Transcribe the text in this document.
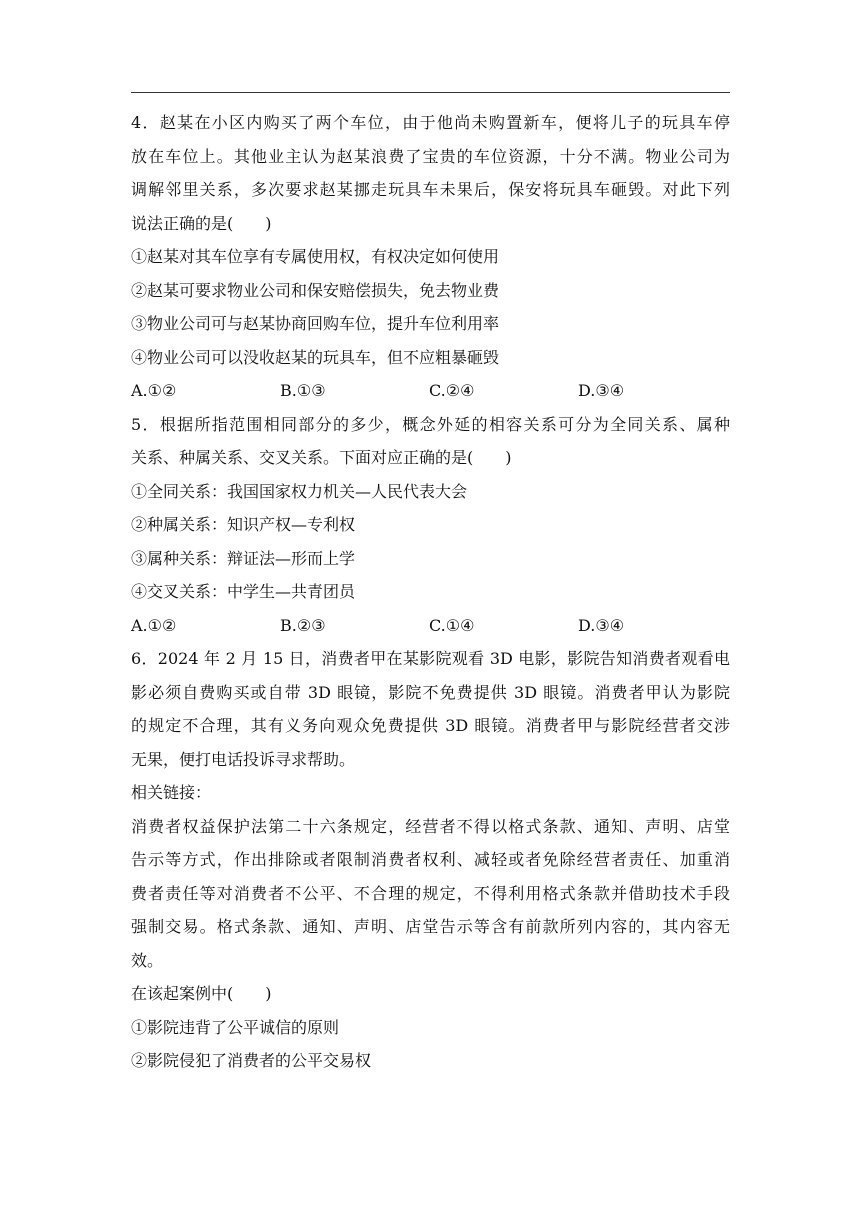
4．赵某在小区内购买了两个车位，由于他尚未购置新车，便将儿子的玩具车停
放在车位上。其他业主认为赵某浪费了宝贵的车位资源，十分不满。物业公司为
调解邻里关系，多次要求赵某挪走玩具车未果后，保安将玩具车砸毁。对此下列
说法正确的是(　　)
①赵某对其车位享有专属使用权，有权决定如何使用
②赵某可要求物业公司和保安赔偿损失，免去物业费
③物业公司可与赵某协商回购车位，提升车位利用率
④物业公司可以没收赵某的玩具车，但不应粗暴砸毁
A.①②	B.①③	C.②④	D.③④
5．根据所指范围相同部分的多少，概念外延的相容关系可分为全同关系、属种
关系、种属关系、交叉关系。下面对应正确的是(　　)
①全同关系：我国国家权力机关—人民代表大会
②种属关系：知识产权—专利权
③属种关系：辩证法—形而上学
④交叉关系：中学生—共青团员
A.①②	B.②③	C.①④	D.③④
6．2024 年 2 月 15 日，消费者甲在某影院观看 3D 电影，影院告知消费者观看电
影必须自费购买或自带 3D 眼镜，影院不免费提供 3D 眼镜。消费者甲认为影院
的规定不合理，其有义务向观众免费提供 3D 眼镜。消费者甲与影院经营者交涉
无果，便打电话投诉寻求帮助。
相关链接：
消费者权益保护法第二十六条规定，经营者不得以格式条款、通知、声明、店堂
告示等方式，作出排除或者限制消费者权利、减轻或者免除经营者责任、加重消
费者责任等对消费者不公平、不合理的规定，不得利用格式条款并借助技术手段
强制交易。格式条款、通知、声明、店堂告示等含有前款所列内容的，其内容无
效。
在该起案例中(　　)
①影院违背了公平诚信的原则
②影院侵犯了消费者的公平交易权
